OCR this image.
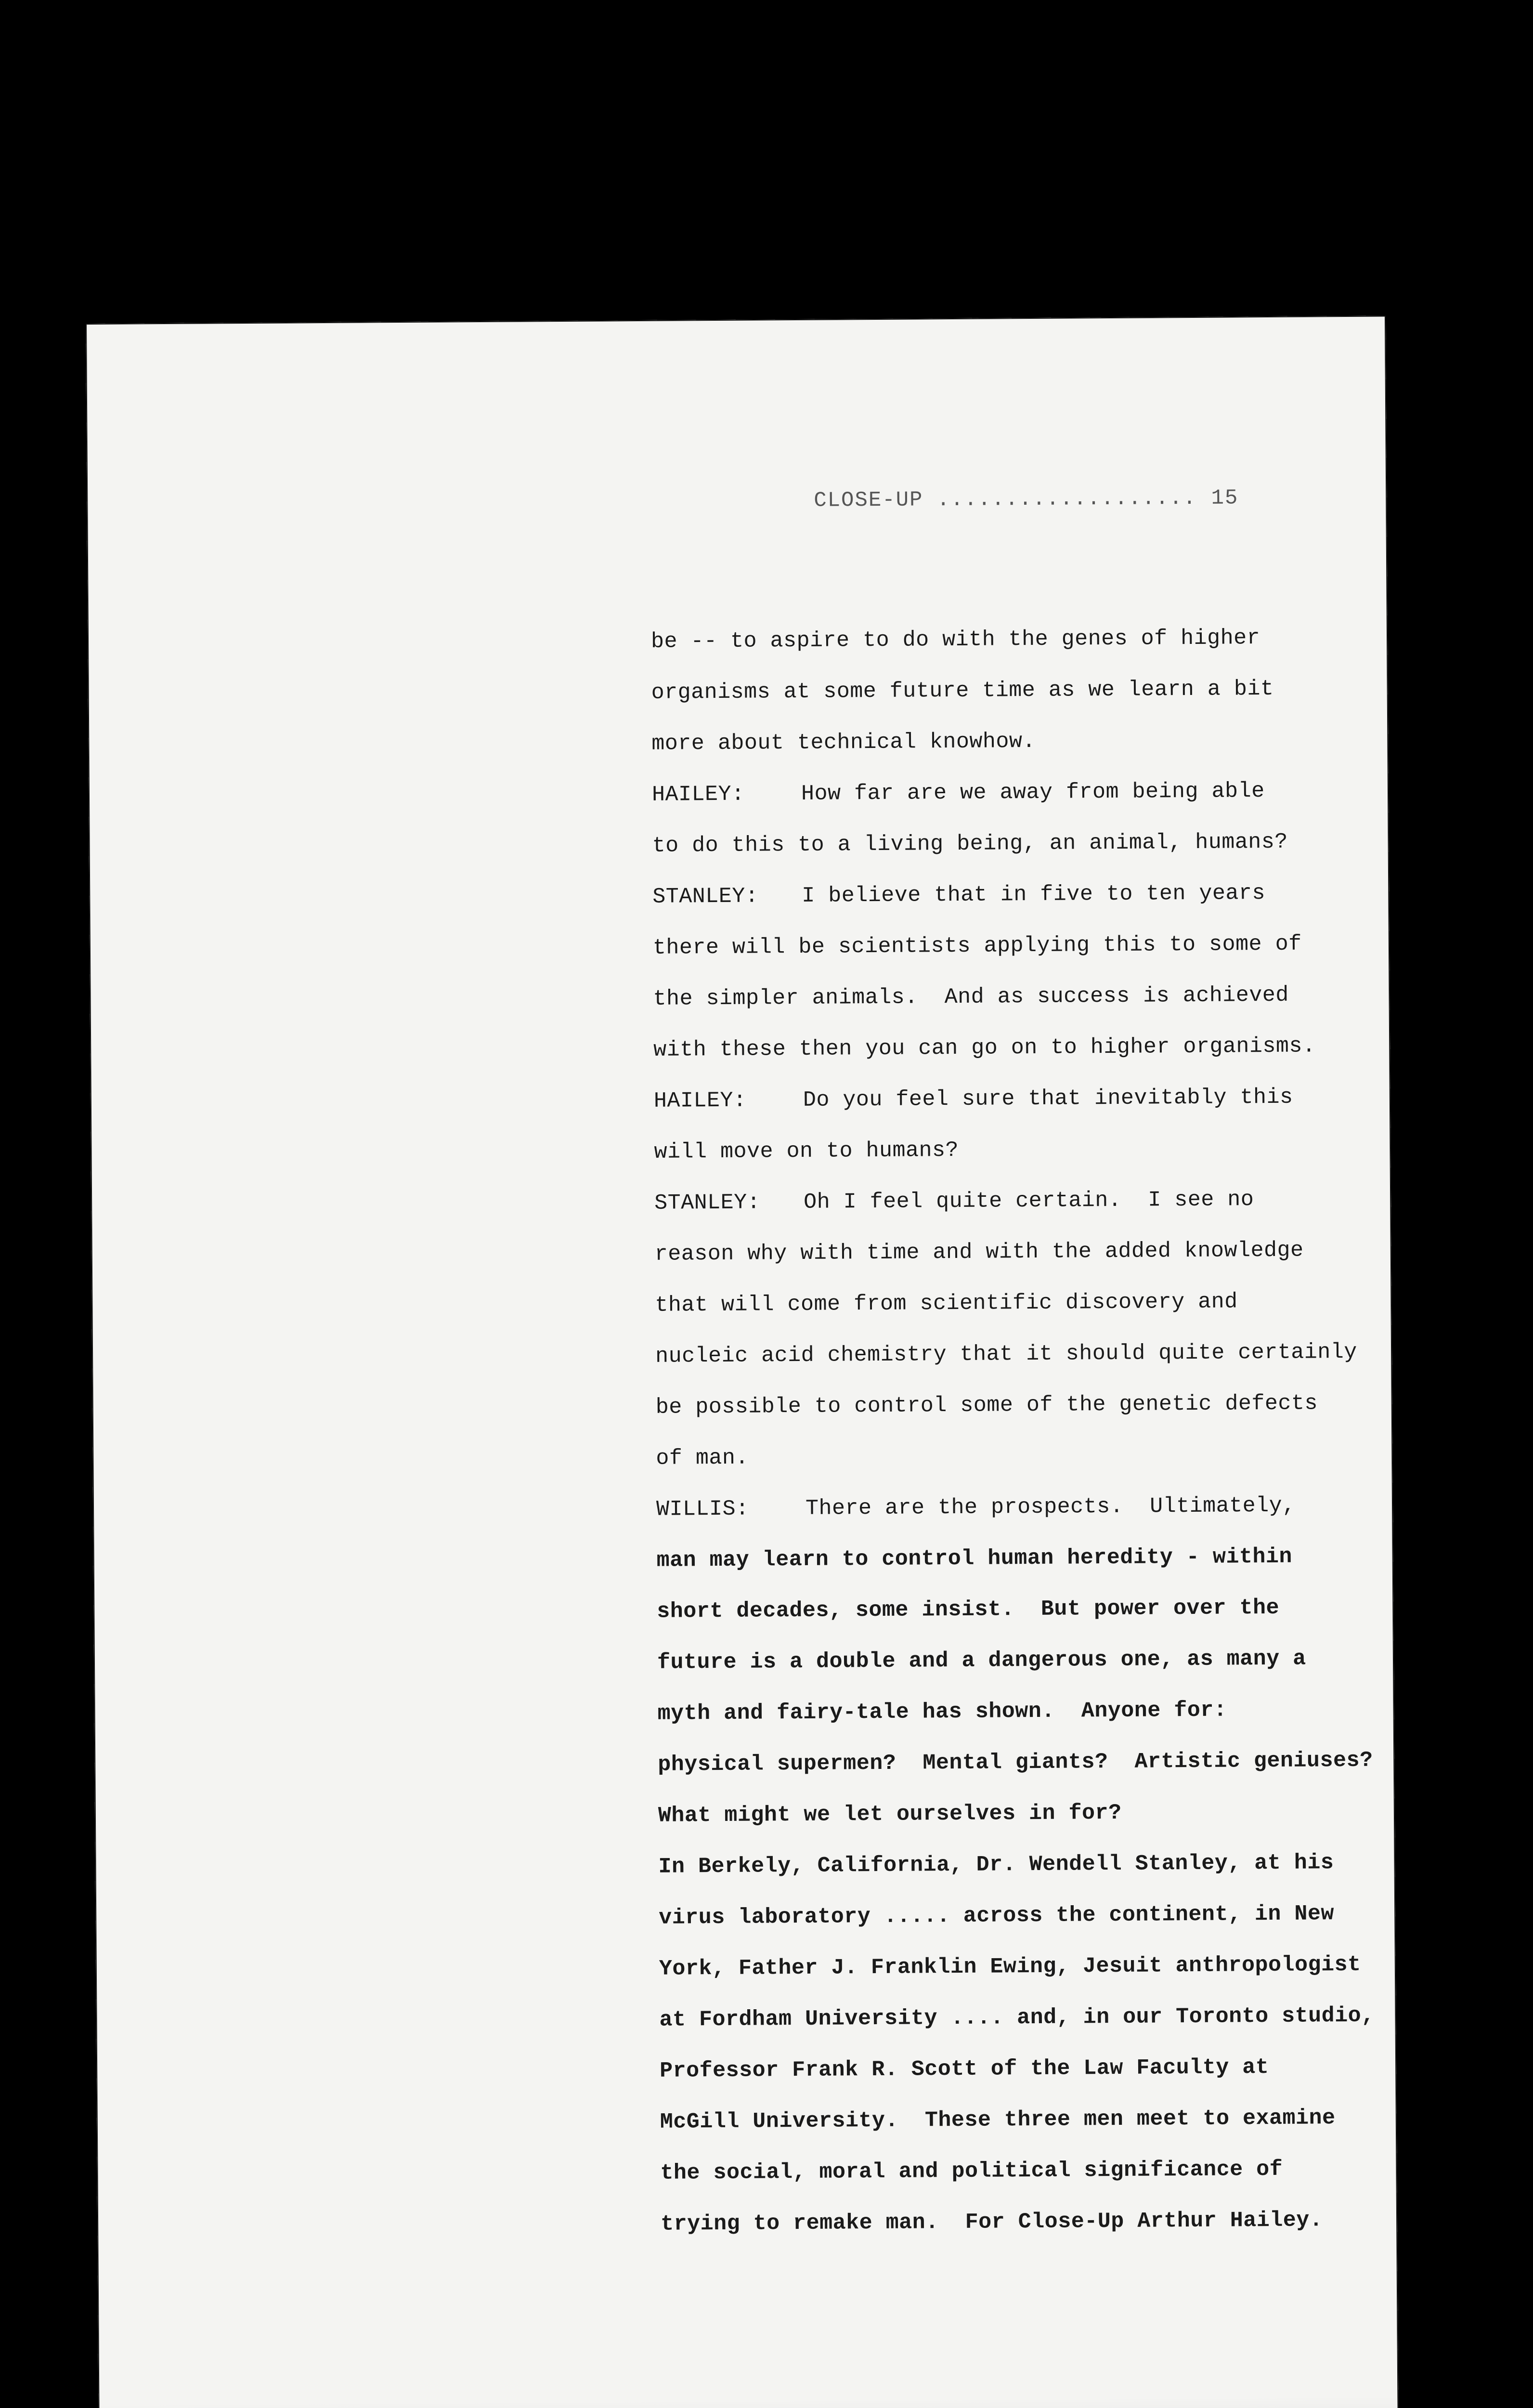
CLOSE-UP ................... 15
be -- to aspire to do with the genes of higher
organisms at some future time as we learn a bit
more about technical knowhow.
HAILEY:	How far are we away from being able
to do this to a living being, an animal, humans?
STANLEY: I believe that in five to ten years
there will be scientists applying this to some of
the simpler animals.  And as success is achieved
with these then you can go on to higher organisms.
HAILEY:	Do you feel sure that inevitably this
will move on to humans?
STANLEY: Oh I feel quite certain.  I see no
reason why with time and with the added knowledge
that will come from scientific discovery and
nucleic acid chemistry that it should quite certainly
be possible to control some of the genetic defects
of man.
WILLIS:	There are the prospects.  Ultimately,
man may learn to control human heredity - within
short decades, some insist.  But power over the
future is a double and a dangerous one, as many a
myth and fairy-tale has shown.  Anyone for:
physical supermen?  Mental giants?  Artistic geniuses?
What might we let ourselves in for?
In Berkely, California, Dr. Wendell Stanley, at his
virus laboratory ..... across the continent, in New
York, Father J. Franklin Ewing, Jesuit anthropologist
at Fordham University .... and, in our Toronto studio,
Professor Frank R. Scott of the Law Faculty at
McGill University.  These three men meet to examine
the social, moral and political significance of
trying to remake man.  For Close-Up Arthur Hailey.
